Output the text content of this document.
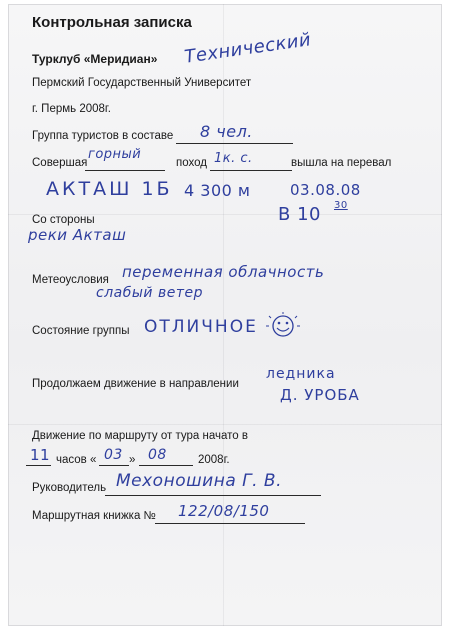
Контрольная записка
Турклуб «Меридиан» Технический
Пермский Государственный Университет
г. Пермь 2008г.
Группа туристов в составе 8 чел.
Совершая
горный
поход 1к. с.	вышла на перевал
АКТАШ 1Б 4 300 м	03.08.08
В 10 30
Со стороны
реки Акташ
Метеоусловия переменная облачность
слабый ветер
Состояние группы ОТЛИЧНОЕ
Продолжаем движение в направлении
ледника
Д. УРОБА
Движение по маршруту от тура начато в
11 часов « 03 » 08	2008г.
Руководитель Мехоношина Г. В.
Маршрутная книжка № 122/08/150
